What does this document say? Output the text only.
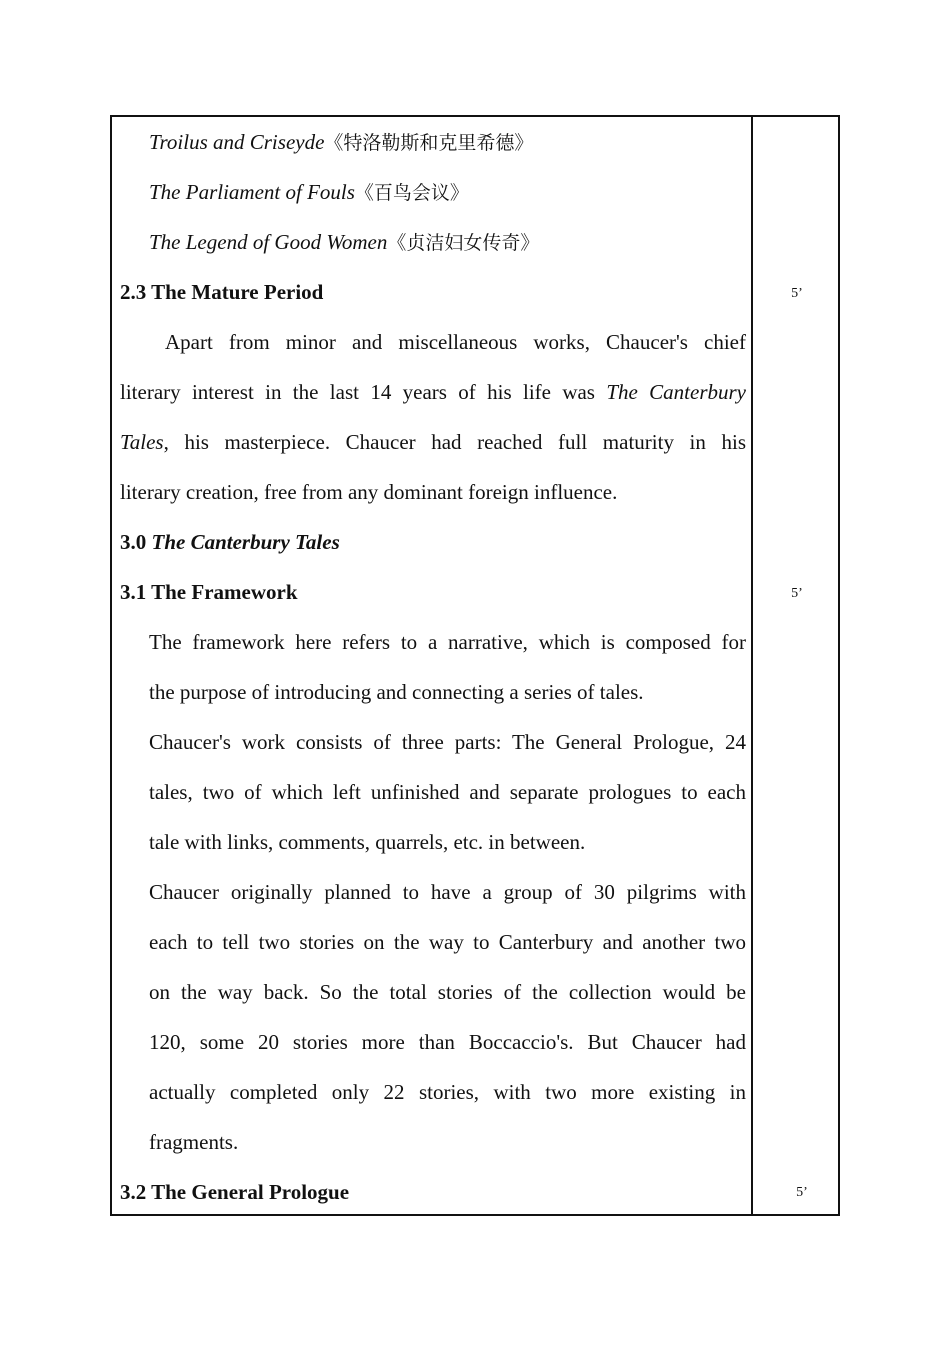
Troilus and Criseyde《特洛勒斯和克里希德》
The Parliament of Fouls《百鸟会议》
The Legend of Good Women《贞洁妇女传奇》
2.3 The Mature Period	5’
Apart from minor and miscellaneous works, Chaucer's chief
literary interest in the last 14 years of his life was The Canterbury
Tales, his masterpiece. Chaucer had reached full maturity in his
literary creation, free from any dominant foreign influence.
3.0 The Canterbury Tales
3.1 The Framework	5’
The framework here refers to a narrative, which is composed for
the purpose of introducing and connecting a series of tales.
Chaucer's work consists of three parts: The General Prologue, 24
tales, two of which left unfinished and separate prologues to each
tale with links, comments, quarrels, etc. in between.
Chaucer originally planned to have a group of 30 pilgrims with
each to tell two stories on the way to Canterbury and another two
on the way back. So the total stories of the collection would be
120, some 20 stories more than Boccaccio's. But Chaucer had
actually completed only 22 stories, with two more existing in
fragments.
3.2 The General Prologue	5’
